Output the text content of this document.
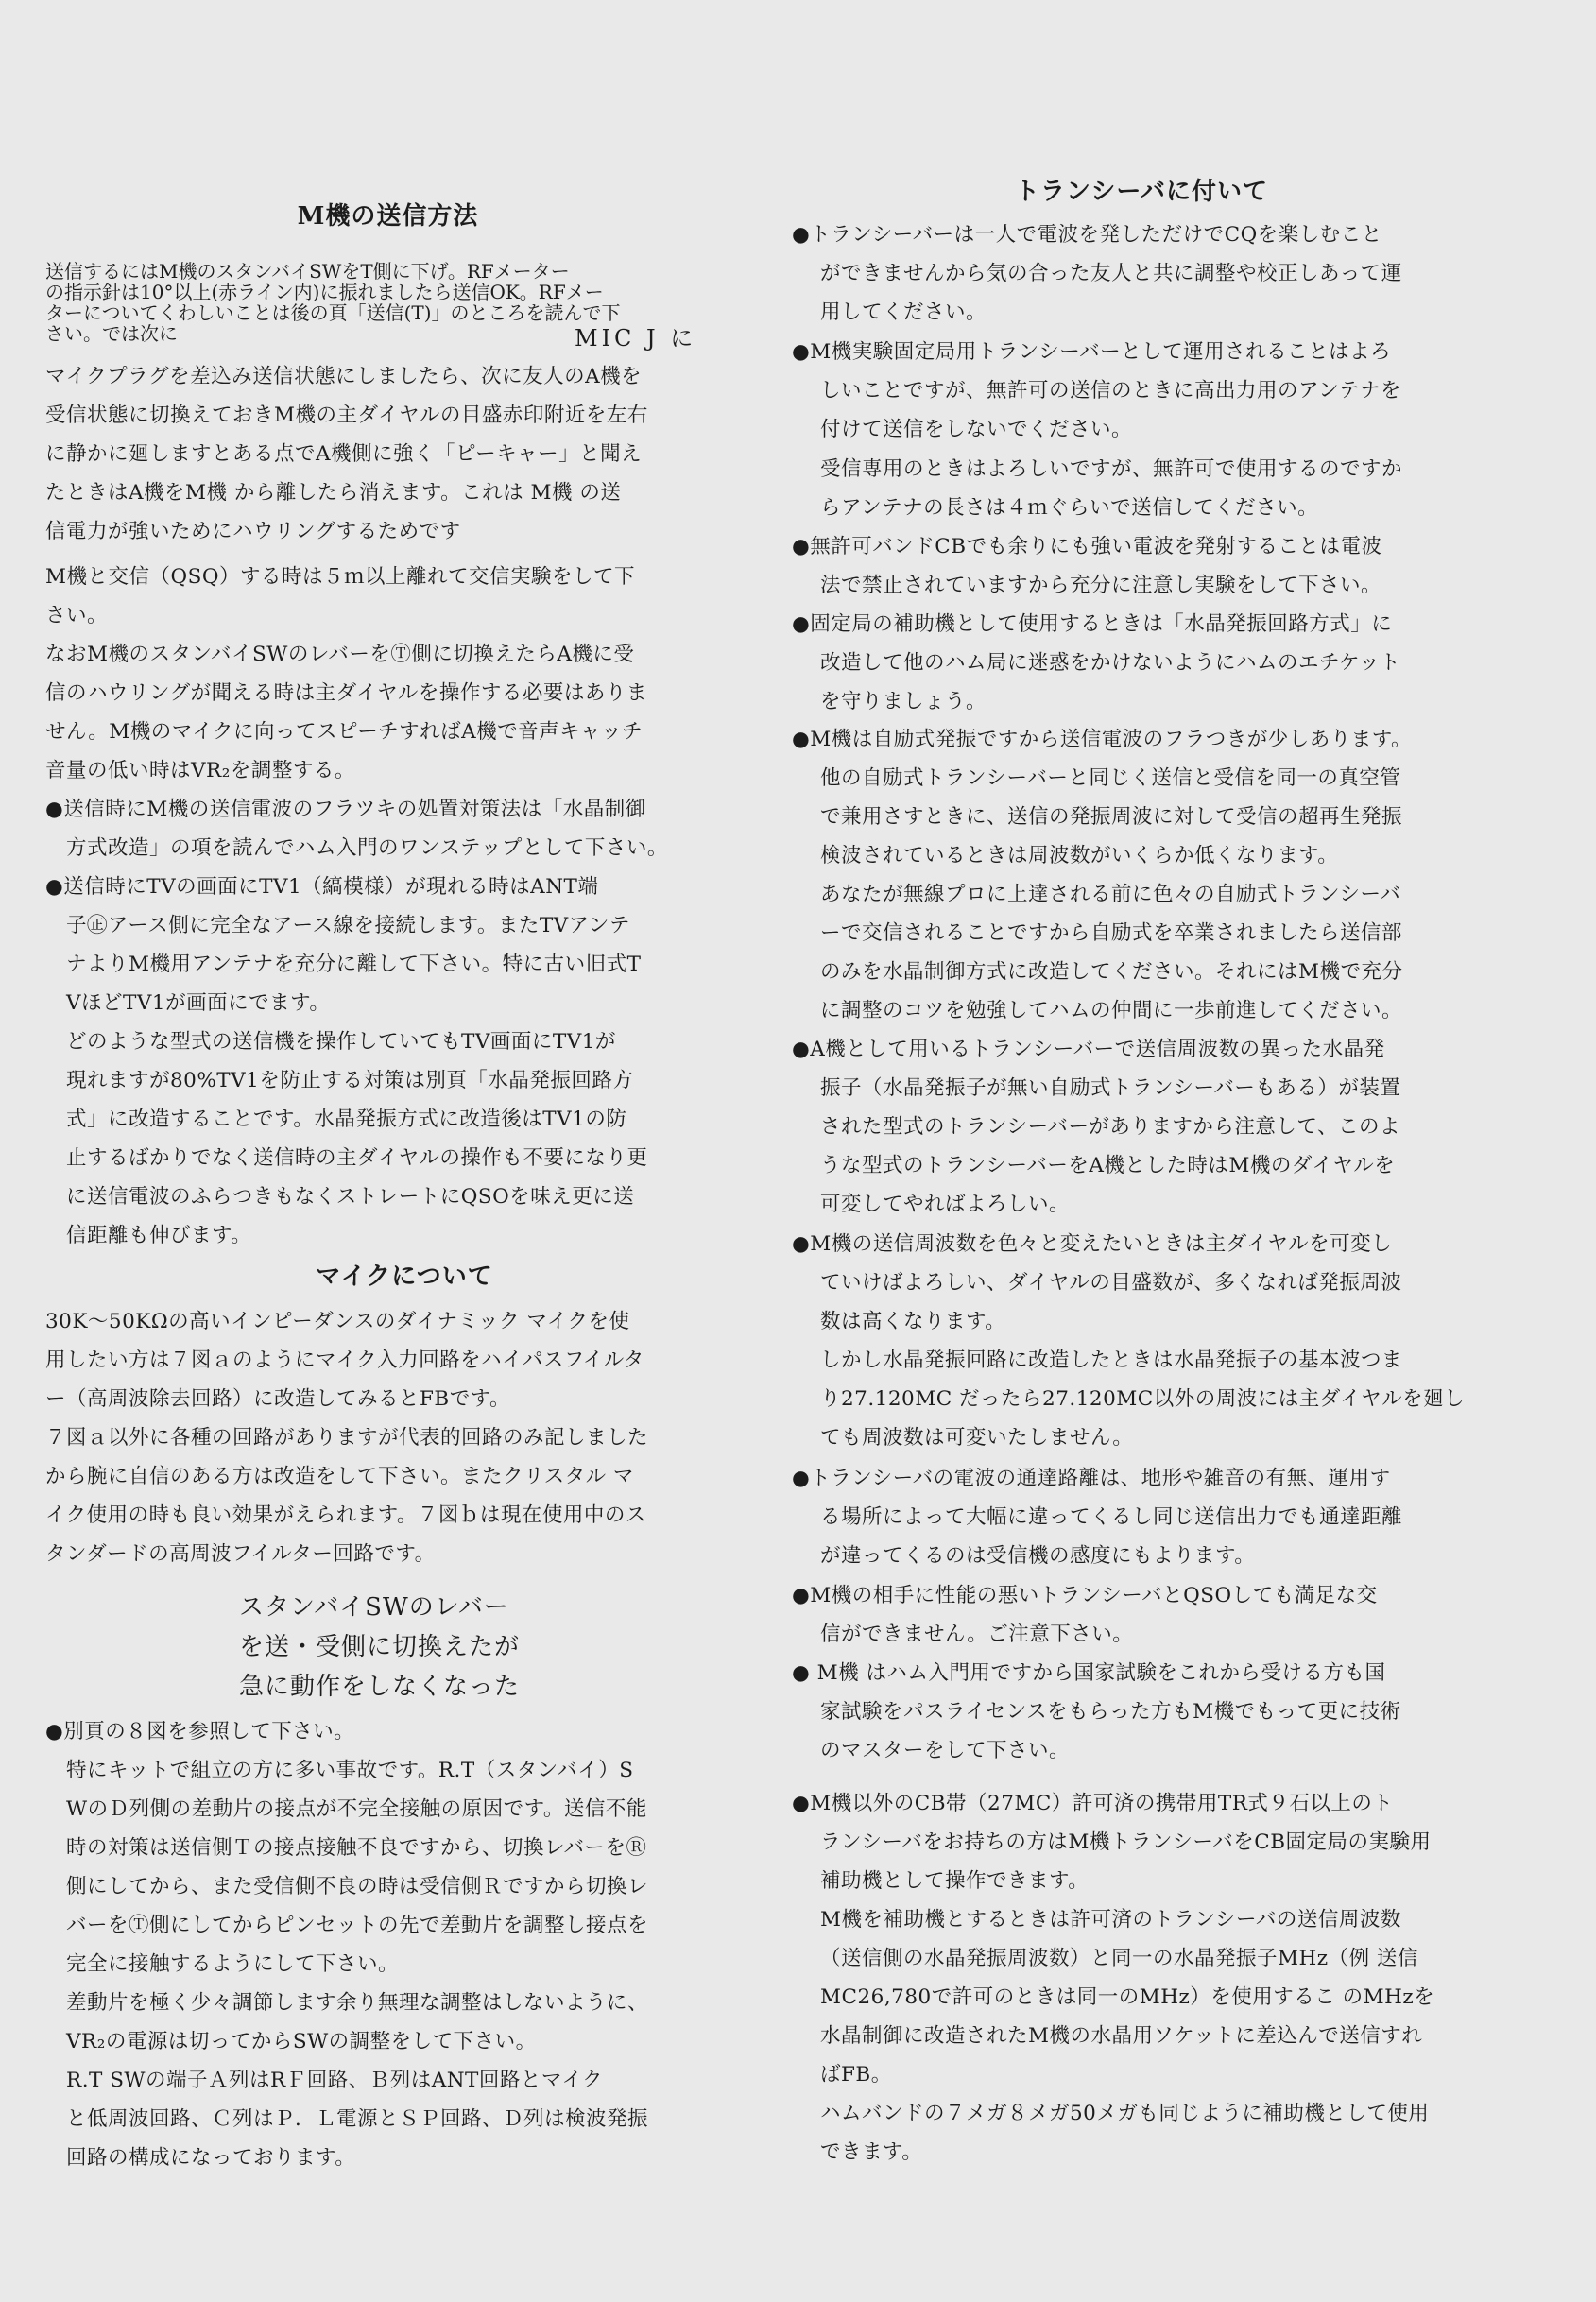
M機の送信方法
送信するにはM機のスタンバイSWをT側に下げ。RFメーター
の指示針は10°以上(赤ライン内)に振れましたら送信OK。RFメー
ターについてくわしいことは後の頁「送信(T)」のところを読んで下
さい。では次に	MIC J に
マイクプラグを差込み送信状態にしましたら、次に友人のA機を
受信状態に切換えておきM機の主ダイヤルの目盛赤印附近を左右
に静かに廻しますとある点でA機側に強く「ピーキャー」と聞え
たときはA機をM機 から離したら消えます。これは M機 の送
信電力が強いためにハウリングするためです
M機と交信（QSQ）する時は５ｍ以上離れて交信実験をして下
さい。
なおM機のスタンバイSWのレバーをⓉ側に切換えたらA機に受
信のハウリングが聞える時は主ダイヤルを操作する必要はありま
せん。M機のマイクに向ってスピーチすればA機で音声キャッチ
音量の低い時はVR₂を調整する。
●送信時にM機の送信電波のフラツキの処置対策法は「水晶制御
方式改造」の項を読んでハム入門のワンステップとして下さい。
●送信時にTVの画面にTV1（縞模様）が現れる時はANT端
子㊣アース側に完全なアース線を接続します。またTVアンテ
ナよりM機用アンテナを充分に離して下さい。特に古い旧式T
VほどTV1が画面にでます。
どのような型式の送信機を操作していてもTV画面にTV1が
現れますが80%TV1を防止する対策は別頁「水晶発振回路方
式」に改造することです。水晶発振方式に改造後はTV1の防
止するばかりでなく送信時の主ダイヤルの操作も不要になり更
に送信電波のふらつきもなくストレートにQSOを味え更に送
信距離も伸びます。
マイクについて
30K〜50KΩの高いインピーダンスのダイナミック マイクを使
用したい方は７図ａのようにマイク入力回路をハイパスフイルタ
ー（高周波除去回路）に改造してみるとFBです。
７図ａ以外に各種の回路がありますが代表的回路のみ記しました
から腕に自信のある方は改造をして下さい。またクリスタル マ
イク使用の時も良い効果がえられます。７図ｂは現在使用中のス
タンダードの高周波フイルター回路です。
スタンバイSWのレバー
を送・受側に切換えたが
急に動作をしなくなった
●別頁の８図を参照して下さい。
特にキットで組立の方に多い事故です。R.T（スタンバイ）S
WのＤ列側の差動片の接点が不完全接触の原因です。送信不能
時の対策は送信側Ｔの接点接触不良ですから、切換レバーをⓇ
側にしてから、また受信側不良の時は受信側Ｒですから切換レ
バーをⓉ側にしてからピンセットの先で差動片を調整し接点を
完全に接触するようにして下さい。
差動片を極く少々調節します余り無理な調整はしないように、
VR₂の電源は切ってからSWの調整をして下さい。
R.T SWの端子Ａ列はRＦ回路、Ｂ列はANT回路とマイク
と低周波回路、Ｃ列はＰ．Ｌ電源とＳＰ回路、Ｄ列は検波発振
回路の構成になっております。
トランシーバに付いて
●トランシーバーは一人で電波を発しただけでCQを楽しむこと
ができませんから気の合った友人と共に調整や校正しあって運
用してください。
●M機実験固定局用トランシーバーとして運用されることはよろ
しいことですが、無許可の送信のときに高出力用のアンテナを
付けて送信をしないでください。
受信専用のときはよろしいですが、無許可で使用するのですか
らアンテナの長さは４ｍぐらいで送信してください。
●無許可バンドCBでも余りにも強い電波を発射することは電波
法で禁止されていますから充分に注意し実験をして下さい。
●固定局の補助機として使用するときは「水晶発振回路方式」に
改造して他のハム局に迷惑をかけないようにハムのエチケット
を守りましょう。
●M機は自励式発振ですから送信電波のフラつきが少しあります。
他の自励式トランシーバーと同じく送信と受信を同一の真空管
で兼用さすときに、送信の発振周波に対して受信の超再生発振
検波されているときは周波数がいくらか低くなります。
あなたが無線プロに上達される前に色々の自励式トランシーバ
ーで交信されることですから自励式を卒業されましたら送信部
のみを水晶制御方式に改造してください。それにはM機で充分
に調整のコツを勉強してハムの仲間に一歩前進してください。
●A機として用いるトランシーバーで送信周波数の異った水晶発
振子（水晶発振子が無い自励式トランシーバーもある）が装置
された型式のトランシーバーがありますから注意して、このよ
うな型式のトランシーバーをA機とした時はM機のダイヤルを
可変してやればよろしい。
●M機の送信周波数を色々と変えたいときは主ダイヤルを可変し
ていけばよろしい、ダイヤルの目盛数が、多くなれば発振周波
数は高くなります。
しかし水晶発振回路に改造したときは水晶発振子の基本波つま
り27.120MC だったら27.120MC以外の周波には主ダイヤルを廻し
ても周波数は可変いたしません。
●トランシーバの電波の通達路離は、地形や雑音の有無、運用す
る場所によって大幅に違ってくるし同じ送信出力でも通達距離
が違ってくるのは受信機の感度にもよります。
●M機の相手に性能の悪いトランシーバとQSOしても満足な交
信ができません。ご注意下さい。
● M機 はハム入門用ですから国家試験をこれから受ける方も国
家試験をパスライセンスをもらった方もM機でもって更に技術
のマスターをして下さい。
●M機以外のCB帯（27MC）許可済の携帯用TR式９石以上のト
ランシーバをお持ちの方はM機トランシーバをCB固定局の実験用
補助機として操作できます。
M機を補助機とするときは許可済のトランシーバの送信周波数
（送信側の水晶発振周波数）と同一の水晶発振子MHz（例 送信
MC26,780で許可のときは同一のMHz）を使用するこ のMHzを
水晶制御に改造されたM機の水晶用ソケットに差込んで送信すれ
ばFB。
ハムバンドの７メガ８メガ50メガも同じように補助機として使用
できます。
